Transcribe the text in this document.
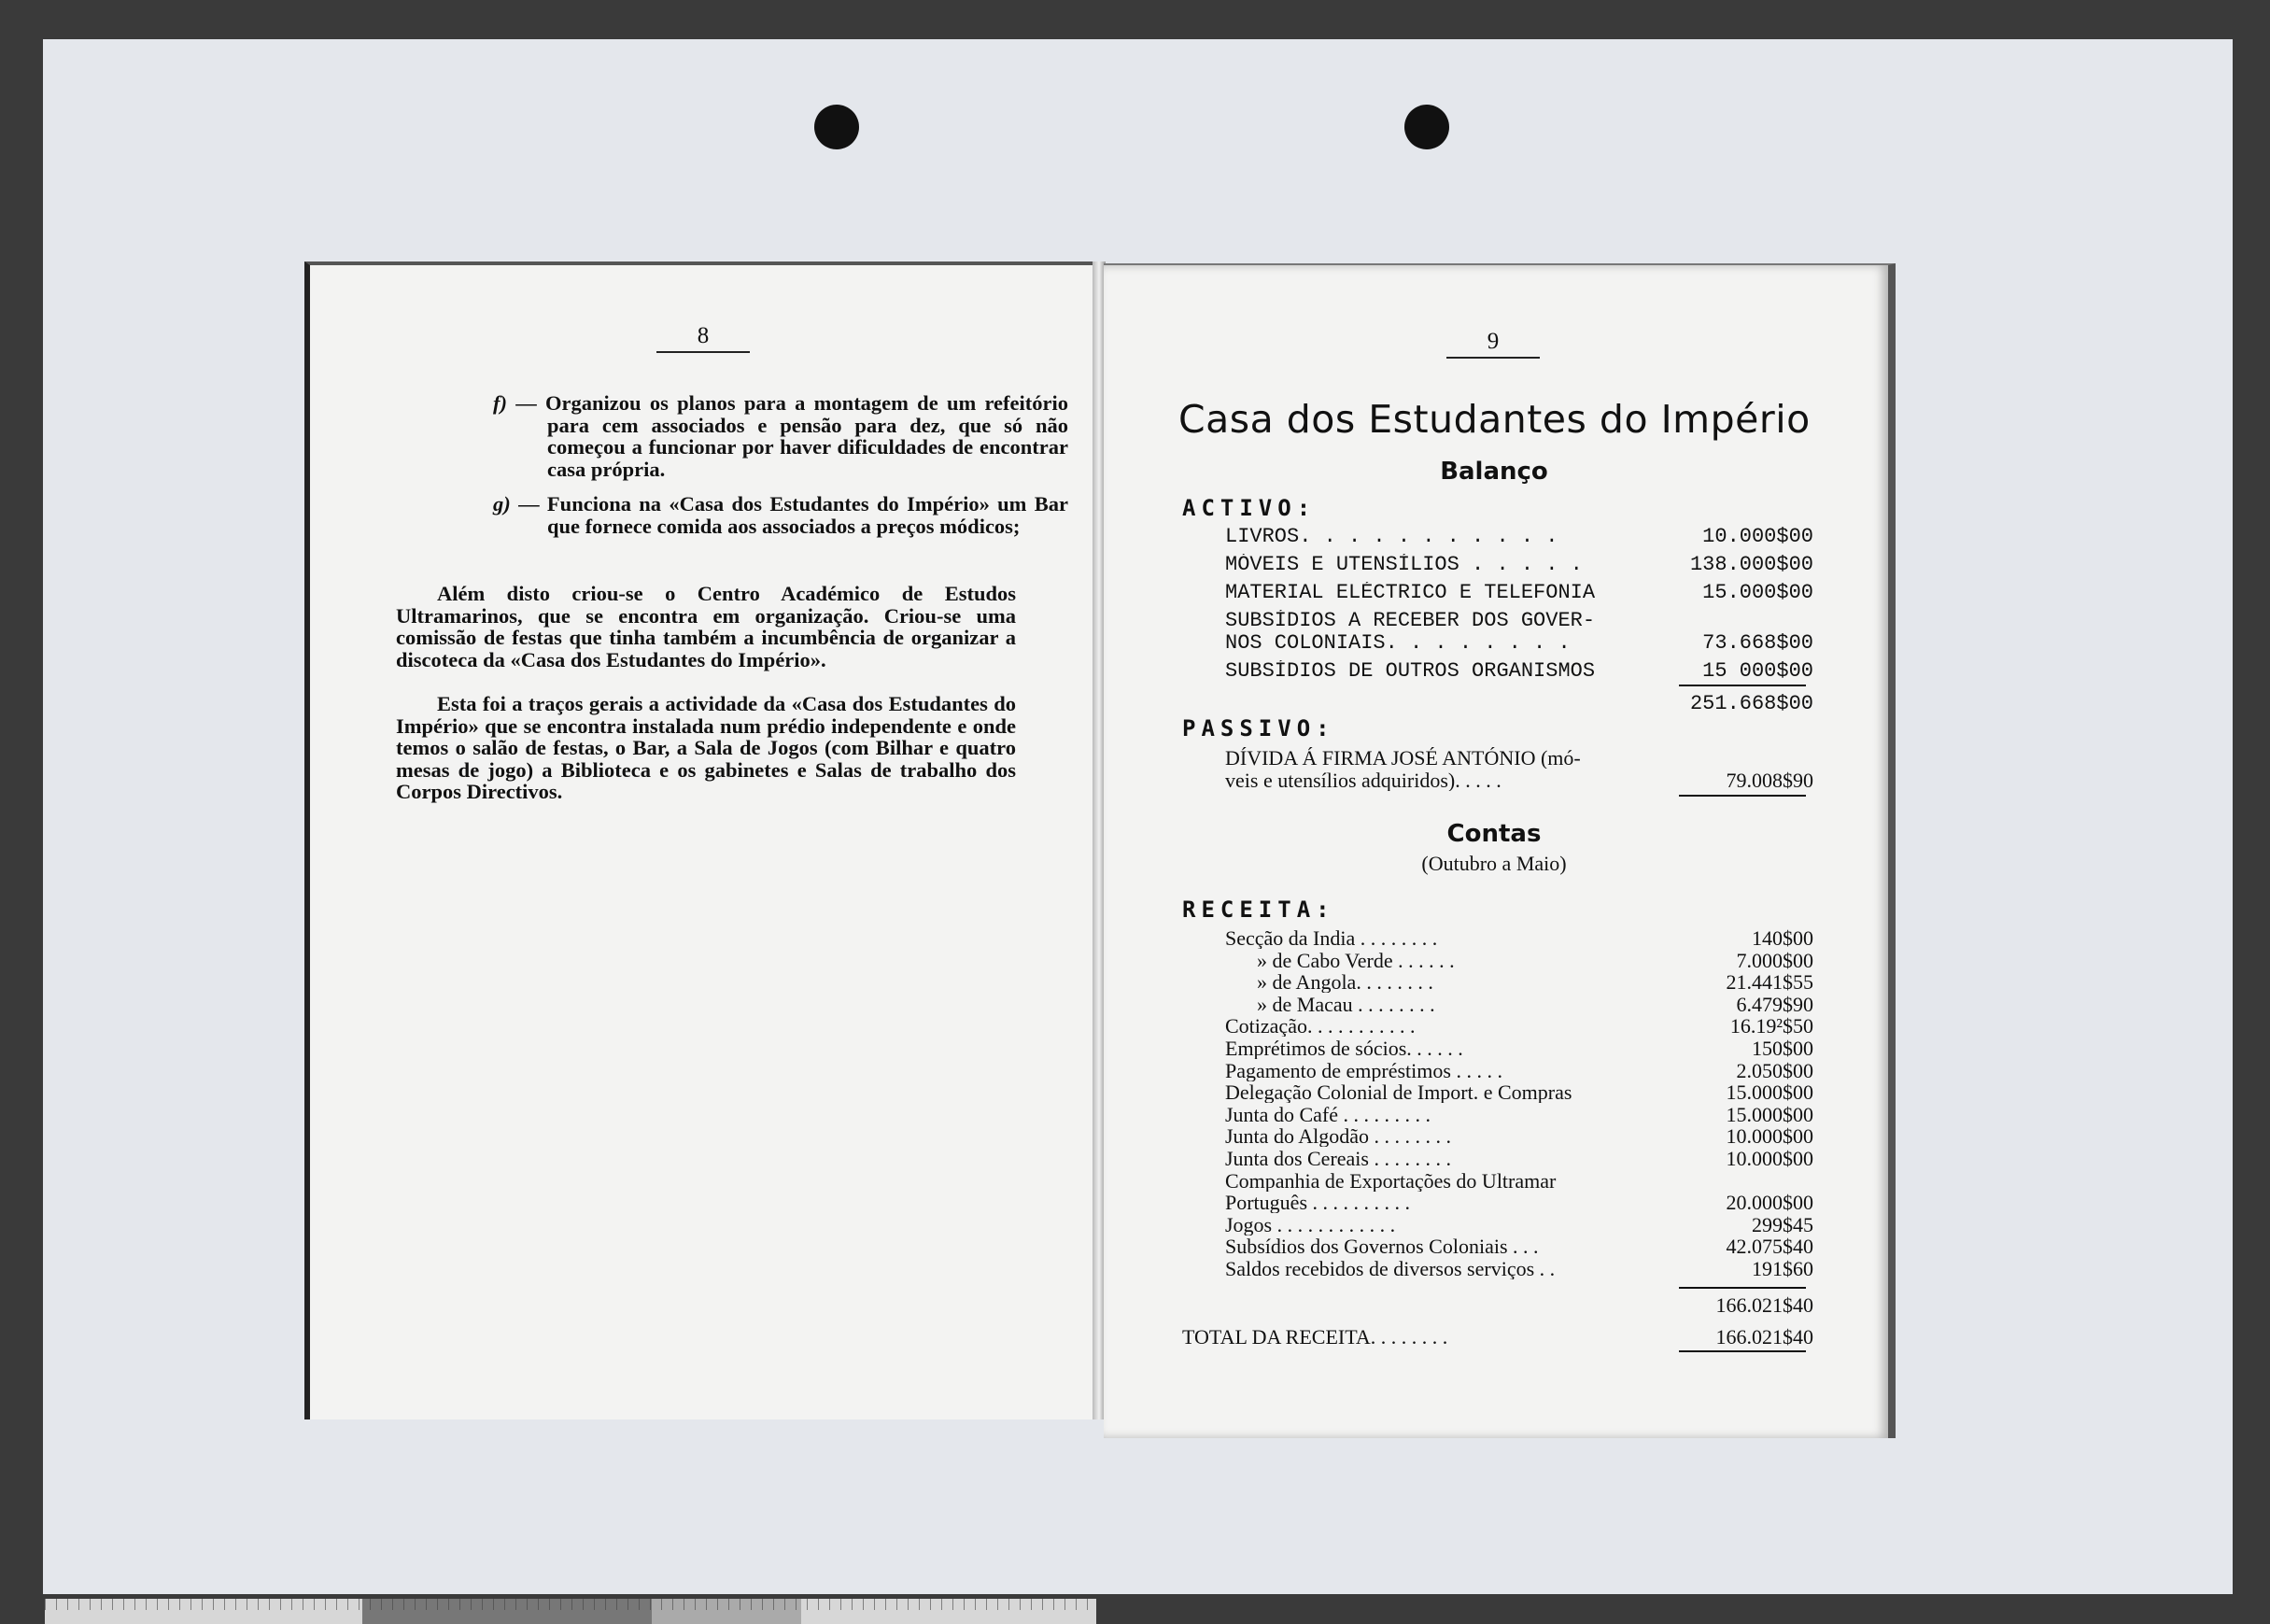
8
f) — Organizou os planos para a montagem de um refeitório para cem associados e pensão para dez, que só não começou a funcionar por haver dificuldades de encontrar casa própria.
g) — Funciona na «Casa dos Estudantes do Império» um Bar que fornece comida aos associados a preços módicos;
Além disto criou-se o Centro Académico de Estudos Ultramarinos, que se encontra em organização. Criou-se uma comissão de festas que tinha também a incumbência de organizar a discoteca da «Casa dos Estudantes do Império».
Esta foi a traços gerais a actividade da «Casa dos Estudantes do Império» que se encontra instalada num prédio independente e onde temos o salão de festas, o Bar, a Sala de Jogos (com Bilhar e quatro mesas de jogo) a Biblioteca e os gabinetes e Salas de trabalho dos Corpos Directivos.
9
Casa dos Estudantes do Império
Balanço
ACTIVO:
LIVROS. . . . . . . . . . .	10.000$00
MÓVEIS E UTENSÍLIOS . . . . .	138.000$00
MATERIAL ELÉCTRICO E TELEFONIA	15.000$00
SUBSÍDIOS A RECEBER DOS GOVER-
NOS COLONIAIS. . . . . . . .	73.668$00
SUBSÍDIOS DE OUTROS ORGANISMOS	15 000$00
251.668$00
PASSIVO:
DÍVIDA Á FIRMA JOSÉ ANTÓNIO (mó-
veis e utensílios adquiridos). . . . .	79.008$90
Contas
(Outubro a Maio)
RECEITA:
Secção da India . . . . . . . .	140$00
» de Cabo Verde . . . . . .	7.000$00
» de Angola. . . . . . . .	21.441$55
» de Macau . . . . . . . .	6.479$90
Cotização. . . . . . . . . . .	16.19²$50
Emprétimos de sócios. . . . . .	150$00
Pagamento de empréstimos . . . . .	2.050$00
Delegação Colonial de Import. e Compras	15.000$00
Junta do Café . . . . . . . . .	15.000$00
Junta do Algodão . . . . . . . .	10.000$00
Junta dos Cereais . . . . . . . .	10.000$00
Companhia de Exportações do Ultramar
Português . . . . . . . . . .	20.000$00
Jogos . . . . . . . . . . . .	299$45
Subsídios dos Governos Coloniais . . .	42.075$40
Saldos recebidos de diversos serviços . .	191$60
166.021$40
TOTAL DA RECEITA. . . . . . . .	166.021$40
